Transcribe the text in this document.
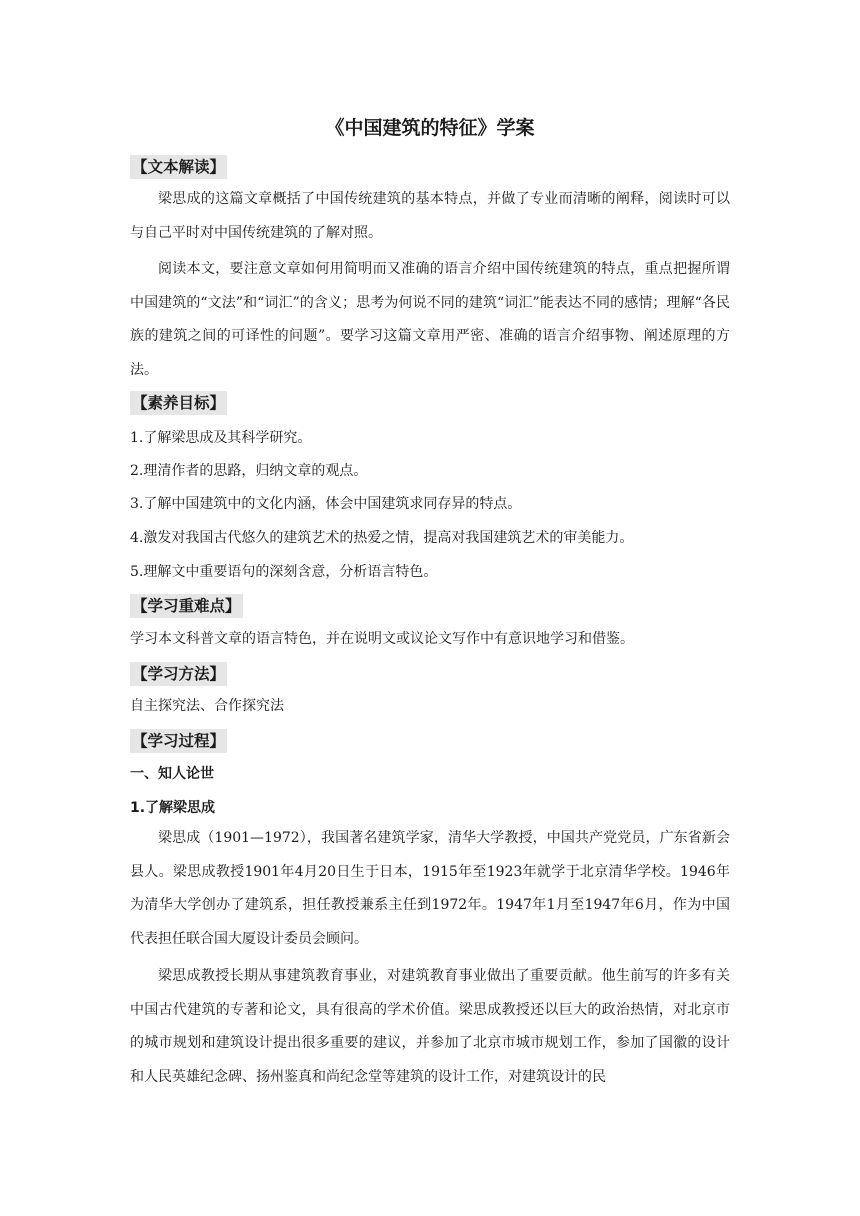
《中国建筑的特征》学案
【文本解读】

梁思成的这篇文章概括了中国传统建筑的基本特点，并做了专业而清晰的阐释，阅读时可以与自己平时对中国传统建筑的了解对照。

阅读本文，要注意文章如何用简明而又准确的语言介绍中国传统建筑的特点，重点把握所谓中国建筑的“文法”和“词汇”的含义；思考为何说不同的建筑“词汇”能表达不同的感情；理解“各民族的建筑之间的可译性的问题”。要学习这篇文章用严密、准确的语言介绍事物、阐述原理的方法。

【素养目标】

1.了解梁思成及其科学研究。

2.理清作者的思路，归纳文章的观点。

3.了解中国建筑中的文化内涵，体会中国建筑求同存异的特点。

4.激发对我国古代悠久的建筑艺术的热爱之情，提高对我国建筑艺术的审美能力。

5.理解文中重要语句的深刻含意，分析语言特色。

【学习重难点】

学习本文科普文章的语言特色，并在说明文或议论文写作中有意识地学习和借鉴。

【学习方法】

自主探究法、合作探究法

【学习过程】

一、知人论世

1.了解梁思成

梁思成（1901—1972），我国著名建筑学家，清华大学教授，中国共产党党员，广东省新会县人。梁思成教授1901年4月20日生于日本，1915年至1923年就学于北京清华学校。1946年为清华大学创办了建筑系，担任教授兼系主任到1972年。1947年1月至1947年6月，作为中国代表担任联合国大厦设计委员会顾问。

梁思成教授长期从事建筑教育事业，对建筑教育事业做出了重要贡献。他生前写的许多有关中国古代建筑的专著和论文，具有很高的学术价值。梁思成教授还以巨大的政治热情，对北京市的城市规划和建筑设计提出很多重要的建议，并参加了北京市城市规划工作，参加了国徽的设计和人民英雄纪念碑、扬州鉴真和尚纪念堂等建筑的设计工作，对建筑设计的民
